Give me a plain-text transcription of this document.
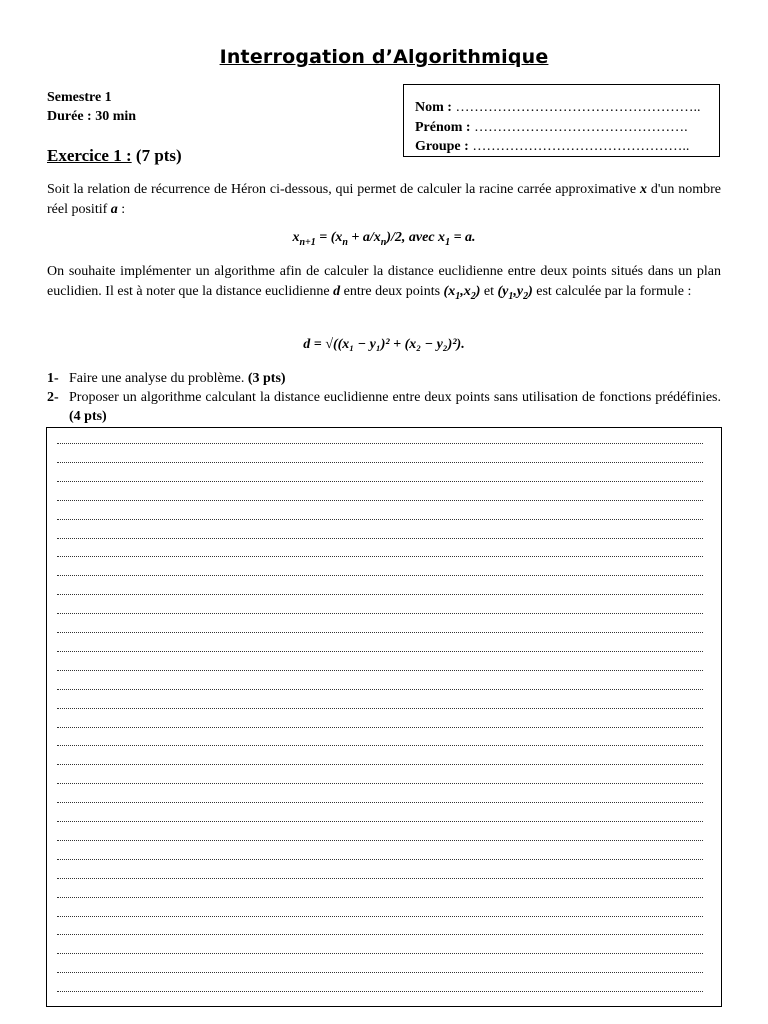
Interrogation d’Algorithmique
Semestre 1
Durée : 30 min
Nom : ……………………………………………..
Prénom : ……………………………………….
Groupe : ………………………………………..
Exercice 1 : (7 pts)
Soit la relation de récurrence de Héron ci-dessous, qui permet de calculer la racine carrée approximative x d'un nombre réel positif a :
$x_{n+1} = (x_n + a/x_n)/2$, avec $x_1 = a$.
On souhaite implémenter un algorithme afin de calculer la distance euclidienne entre deux points situés dans un plan euclidien. Il est à noter que la distance euclidienne d entre deux points $(x_1,x_2)$ et $(y_1,y_2)$ est calculée par la formule :
d = √((x₁ − y₁)² + (x₂ − y₂)²).
1- Faire une analyse du problème. (3 pts)
2- Proposer un algorithme calculant la distance euclidienne entre deux points sans utilisation de fonctions prédéfinies. (4 pts)
